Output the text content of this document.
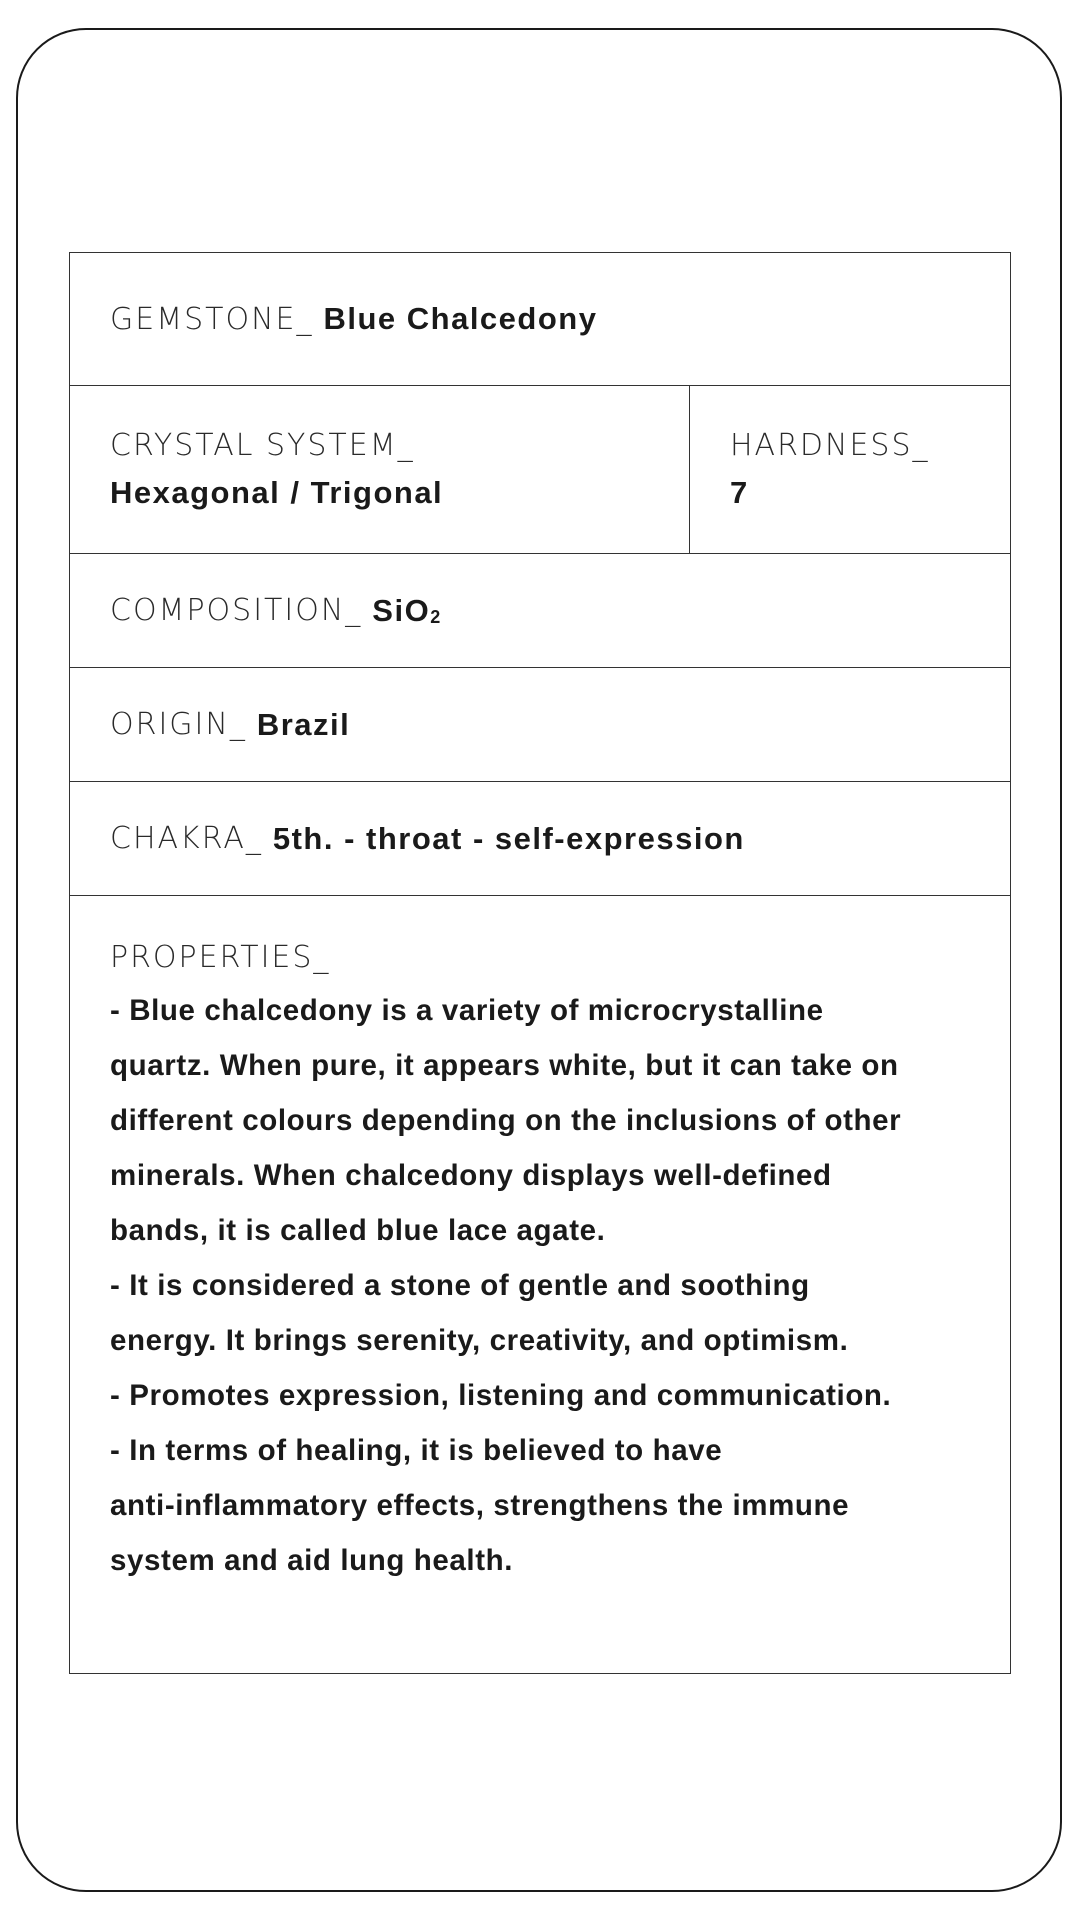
GEMSTONE_ Blue Chalcedony
CRYSTAL SYSTEM_
Hexagonal / Trigonal
HARDNESS_
7
COMPOSITION_ SiO2
ORIGIN_ Brazil
CHAKRA_ 5th. - throat - self-expression
PROPERTIES_

- Blue chalcedony is a variety of microcrystalline

quartz. When pure, it appears white, but it can take on

different colours depending on the inclusions of other

minerals. When chalcedony displays well-defined

bands, it is called blue lace agate.

- It is considered a stone of gentle and soothing

energy. It brings serenity, creativity, and optimism.

- Promotes expression, listening and communication.

- In terms of healing, it is believed to have

anti-inflammatory effects, strengthens the immune

system and aid lung health.
